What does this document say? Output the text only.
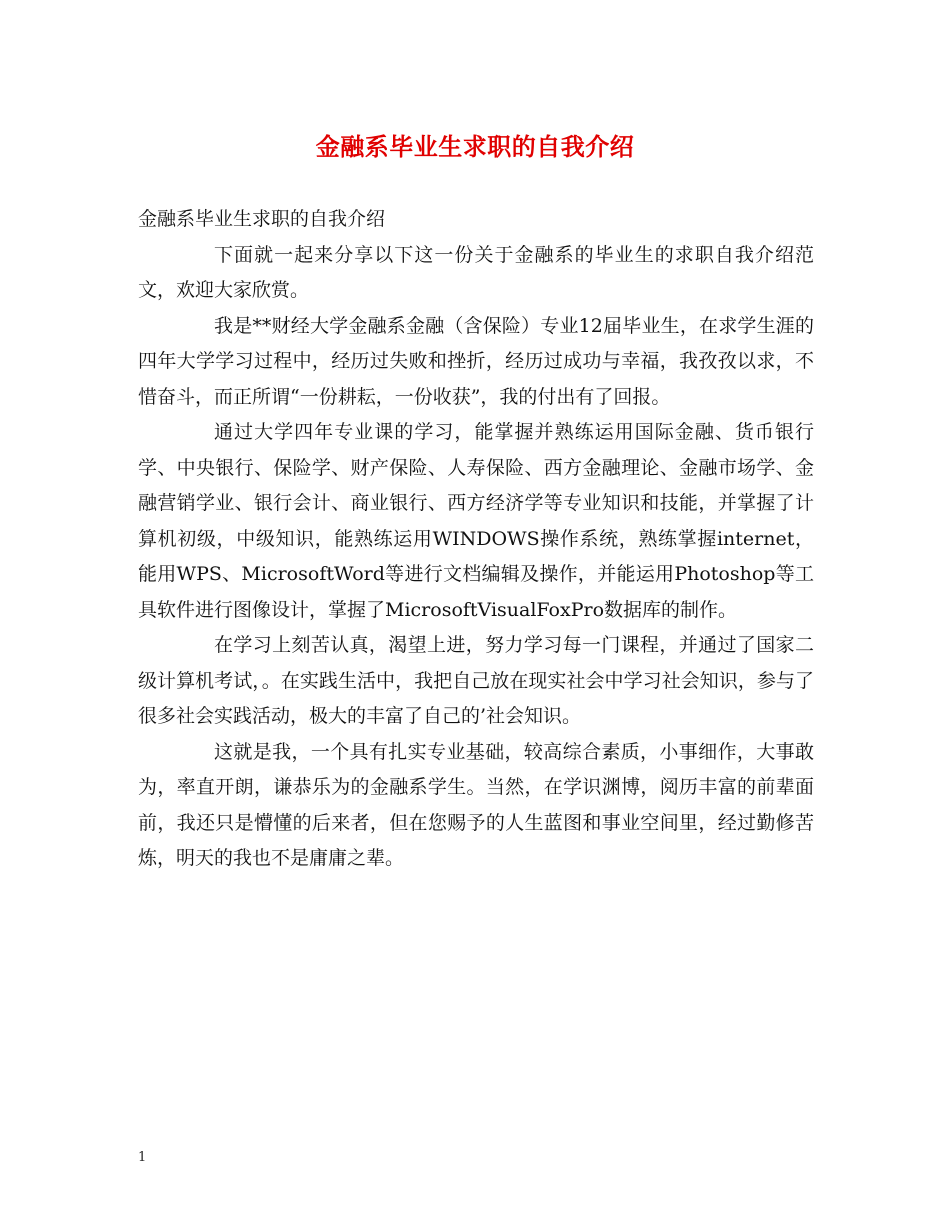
金融系毕业生求职的自我介绍

金融系毕业生求职的自我介绍

下面就一起来分享以下这一份关于金融系的毕业生的求职自我介绍范文，欢迎大家欣赏。

我是**财经大学金融系金融（含保险）专业12届毕业生，在求学生涯的四年大学学习过程中，经历过失败和挫折，经历过成功与幸福，我孜孜以求，不惜奋斗，而正所谓“一份耕耘，一份收获”，我的付出有了回报。

通过大学四年专业课的学习，能掌握并熟练运用国际金融、货币银行学、中央银行、保险学、财产保险、人寿保险、西方金融理论、金融市场学、金融营销学业、银行会计、商业银行、西方经济学等专业知识和技能，并掌握了计算机初级，中级知识，能熟练运用WINDOWS操作系统，熟练掌握internet，能用WPS、MicrosoftWord等进行文档编辑及操作，并能运用Photoshop等工具软件进行图像设计，掌握了MicrosoftVisualFoxPro数据库的制作。

在学习上刻苦认真，渴望上进，努力学习每一门课程，并通过了国家二级计算机考试，。在实践生活中，我把自己放在现实社会中学习社会知识，参与了很多社会实践活动，极大的丰富了自己的’社会知识。

这就是我，一个具有扎实专业基础，较高综合素质，小事细作，大事敢为，率直开朗，谦恭乐为的金融系学生。当然，在学识渊博，阅历丰富的前辈面前，我还只是懵懂的后来者，但在您赐予的人生蓝图和事业空间里，经过勤修苦炼，明天的我也不是庸庸之辈。

1
